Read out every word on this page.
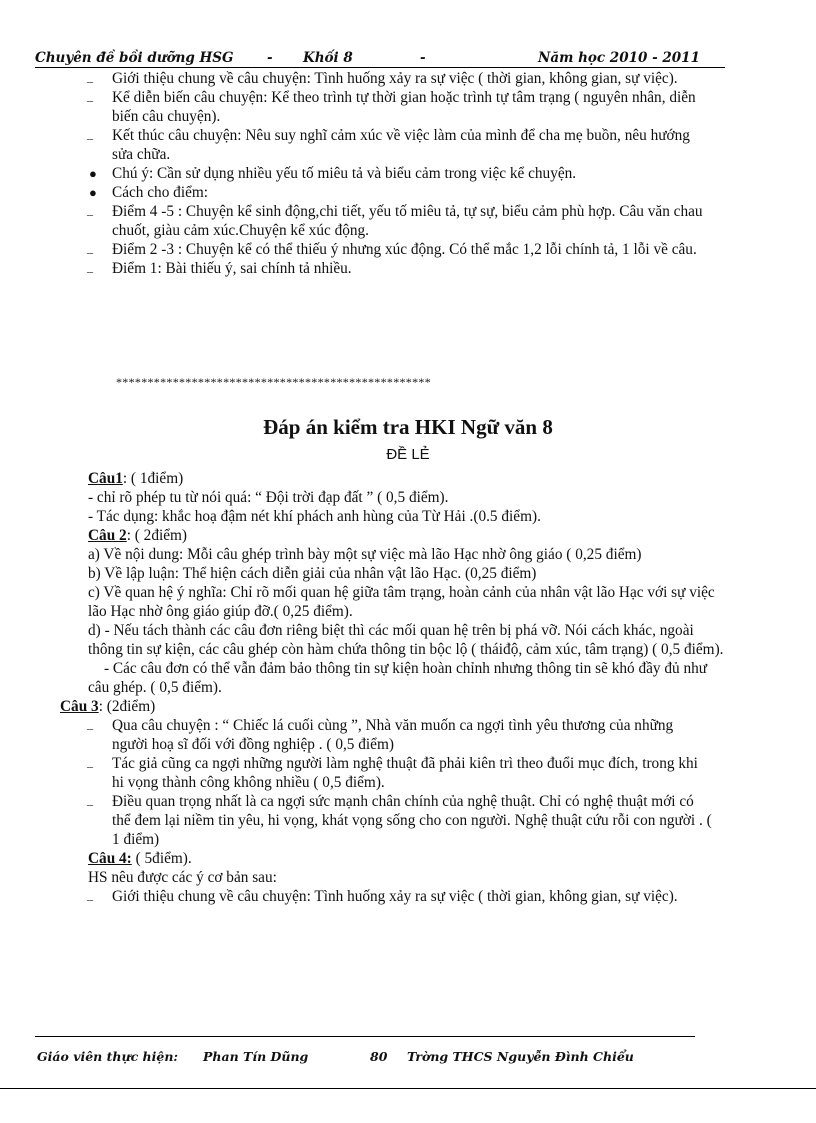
Chuyên đề bồi dưỡng HSG - Khối 8	-	Năm học 2010 - 2011
– Giới thiệu chung về câu chuyện: Tình huống xảy ra sự việc ( thời gian, không gian, sự việc).
– Kể diễn biến câu chuyện: Kể theo trình tự thời gian hoặc trình tự tâm trạng ( nguyên nhân, diễn biến câu chuyện).
– Kết thúc câu chuyện: Nêu suy nghĩ cảm xúc về việc làm của mình để cha mẹ buồn, nêu hướng sửa chữa.
● Chú ý: Cần sử dụng nhiều yếu tố miêu tả và biểu cảm trong việc kể chuyện.
● Cách cho điểm:
– Điểm 4 -5 : Chuyện kể sinh động,chi tiết, yếu tố miêu tả, tự sự, biểu cảm phù hợp. Câu văn chau chuốt, giàu cảm xúc.Chuyện kể xúc động.
– Điểm 2 -3 : Chuyện kể có thể thiếu ý nhưng xúc động. Có thể mắc 1,2 lỗi chính tả, 1 lỗi về câu.
– Điểm 1: Bài thiếu ý, sai chính tả nhiều.
**************************************************
Đáp án kiểm tra HKI Ngữ văn 8
ĐỀ LẺ
Câu1: ( 1điểm)
- chỉ rõ phép tu từ nói quá: “ Đội trời đạp đất ” ( 0,5 điểm).
- Tác dụng: khắc hoạ đậm nét khí phách anh hùng của Từ Hải .(0.5 điểm).
Câu 2: ( 2điểm)
a) Về nội dung: Mỗi câu ghép trình bày một sự việc mà lão Hạc nhờ ông giáo ( 0,25 điểm)
b) Về lập luận: Thể hiện cách diễn giải của nhân vật lão Hạc. (0,25 điểm)
c) Về quan hệ ý nghĩa: Chỉ rõ mối quan hệ giữa tâm trạng, hoàn cảnh của nhân vật lão Hạc với sự việc lão Hạc nhờ ông giáo giúp đỡ.( 0,25 điểm).
d) - Nếu tách thành các câu đơn riêng biệt thì các mối quan hệ trên bị phá vỡ. Nói cách khác, ngoài thông tin sự kiện, các câu ghép còn hàm chứa thông tin bộc lộ ( tháiđộ, cảm xúc, tâm trạng) ( 0,5 điểm).
- Các câu đơn có thể vẫn đảm bảo thông tin sự kiện hoàn chỉnh nhưng thông tin sẽ khó đầy đủ như câu ghép. ( 0,5 điểm).
Câu 3: (2điểm)
– Qua câu chuyện : “ Chiếc lá cuối cùng ”, Nhà văn muốn ca ngợi tình yêu thương của những người hoạ sĩ đối với đồng nghiệp . ( 0,5 điểm)
– Tác giả cũng ca ngợi những người làm nghệ thuật đã phải kiên trì theo đuổi mục đích, trong khi hi vọng thành công không nhiều ( 0,5 điểm).
– Điều quan trọng nhất là ca ngợi sức mạnh chân chính của nghệ thuật. Chỉ có nghệ thuật mới có thể đem lại niềm tin yêu, hi vọng, khát vọng sống cho con người. Nghệ thuật cứu rỗi con người . ( 1 điểm)
Câu 4: ( 5điểm).
HS nêu được các ý cơ bản sau:
– Giới thiệu chung về câu chuyện: Tình huống xảy ra sự việc ( thời gian, không gian, sự việc).
Giáo viên thực hiện: Phan Tín Dũng	80 Trờng THCS Nguyễn Đình Chiểu
